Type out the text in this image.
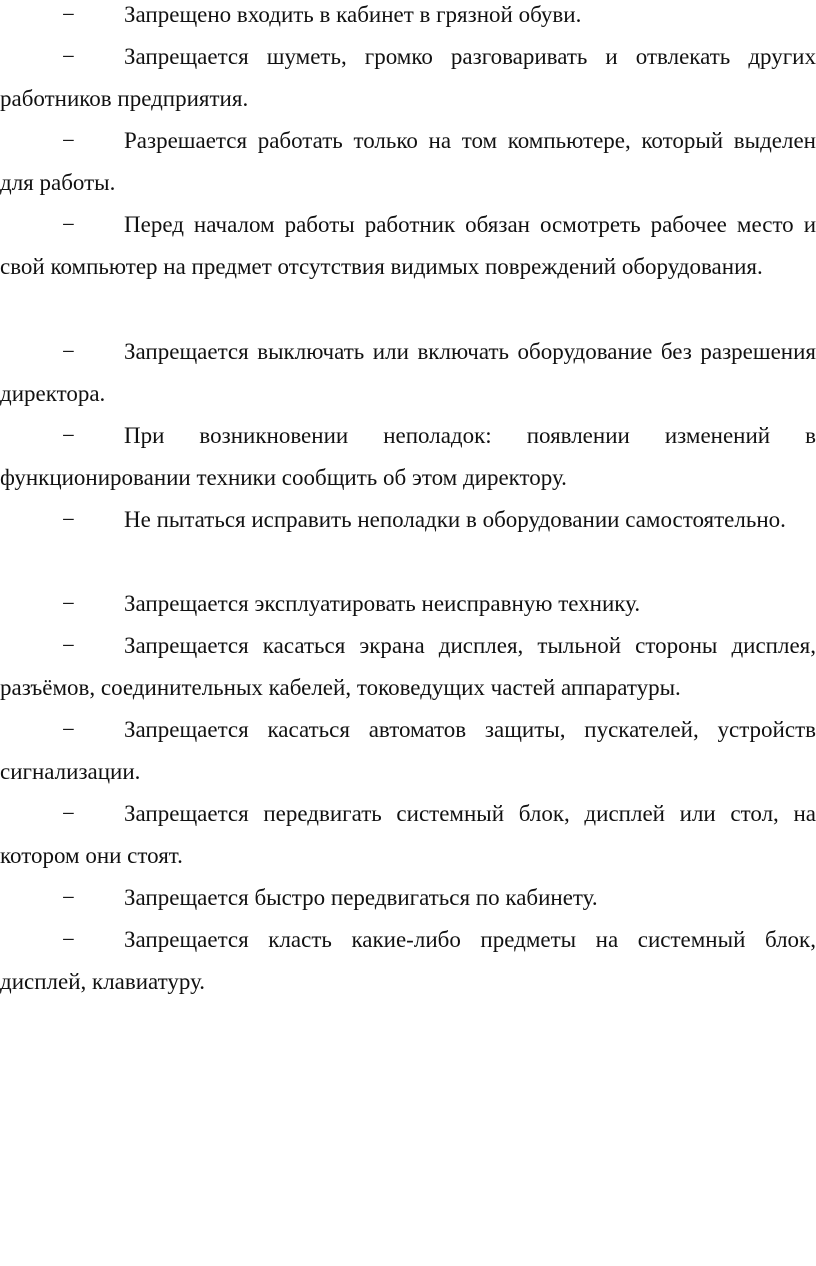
− Запрещено входить в кабинет в грязной обуви.

− Запрещается шуметь, громко разговаривать и отвлекать других работников предприятия.

− Разрешается работать только на том компьютере, который выделен для работы.

− Перед началом работы работник обязан осмотреть рабочее место и свой компьютер на предмет отсутствия видимых повреждений оборудования.

− Запрещается выключать или включать оборудование без разрешения директора.

− При возникновении неполадок: появлении изменений в функционировании техники сообщить об этом директору.

− Не пытаться исправить неполадки в оборудовании самостоятельно.

− Запрещается эксплуатировать неисправную технику.

− Запрещается касаться экрана дисплея, тыльной стороны дисплея, разъёмов, соединительных кабелей, токоведущих частей аппаратуры.

− Запрещается касаться автоматов защиты, пускателей, устройств сигнализации.

− Запрещается передвигать системный блок, дисплей или стол, на котором они стоят.

− Запрещается быстро передвигаться по кабинету.

− Запрещается класть какие-либо предметы на системный блок, дисплей, клавиатуру.
